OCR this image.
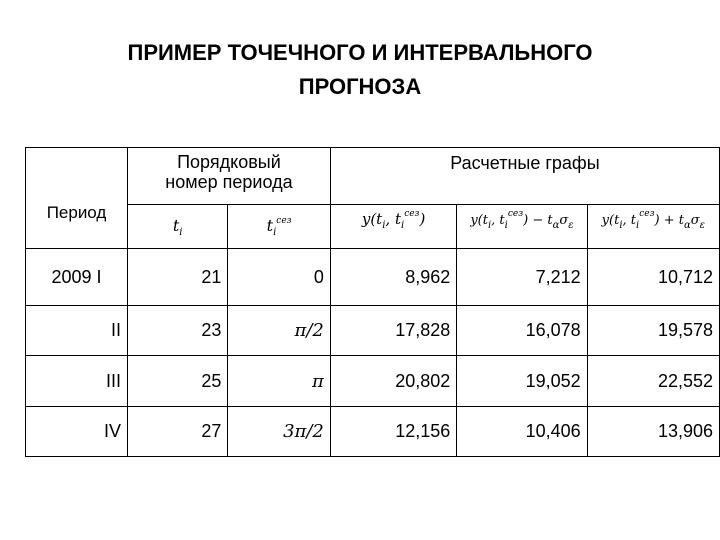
ПРИМЕР ТОЧЕЧНОГО И ИНТЕРВАЛЬНОГО
ПРОГНОЗА
Период	Порядковый номер периода		Расчетные графы		
	$t_i$	$t_i^{сез}$	$y(t_i$, $t_i^{сез}$)	$y(t_i$, $t_i^{сез}) - t_\alpha\sigma_\varepsilon$	$y(t_i$, $t_i^{сез}) + t_\alpha\sigma_\varepsilon$
2009 I	21	0	8,962	7,212	10,712
II	23	π/2	17,828	16,078	19,578
III	25	π	20,802	19,052	22,552
IV	27	3π/2	12,156	10,406	13,906
